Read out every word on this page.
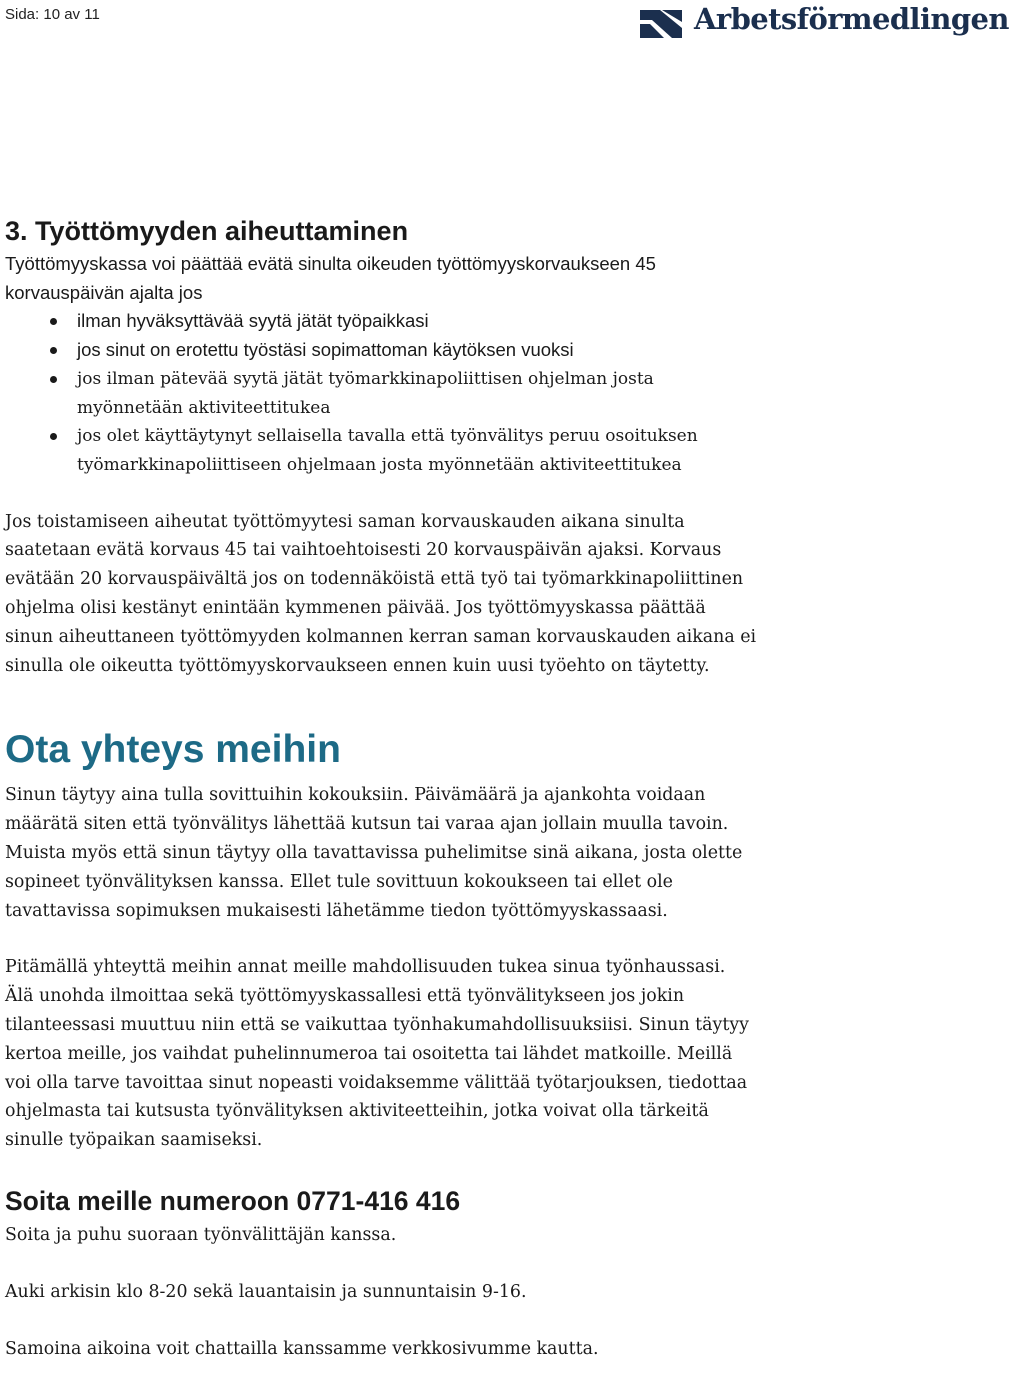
Sida: 10 av 11	Arbetsförmedlingen
3. Työttömyyden aiheuttaminen

Työttömyyskassa voi päättää evätä sinulta oikeuden työttömyyskorvaukseen 45

korvauspäivän ajalta jos

ilman hyväksyttävää syytä jätät työpaikkasi
jos sinut on erotettu työstäsi sopimattoman käytöksen vuoksi
jos ilman pätevää syytä jätät työmarkkinapoliittisen ohjelman josta
myönnetään aktiviteettitukea
jos olet käyttäytynyt sellaisella tavalla että työnvälitys peruu osoituksen
työmarkkinapoliittiseen ohjelmaan josta myönnetään aktiviteettitukea

Jos toistamiseen aiheutat työttömyytesi saman korvauskauden aikana sinulta

saatetaan evätä korvaus 45 tai vaihtoehtoisesti 20 korvauspäivän ajaksi. Korvaus

evätään 20 korvauspäivältä jos on todennäköistä että työ tai työmarkkinapoliittinen

ohjelma olisi kestänyt enintään kymmenen päivää. Jos työttömyyskassa päättää

sinun aiheuttaneen työttömyyden kolmannen kerran saman korvauskauden aikana ei

sinulla ole oikeutta työttömyyskorvaukseen ennen kuin uusi työehto on täytetty.

Ota yhteys meihin

Sinun täytyy aina tulla sovittuihin kokouksiin. Päivämäärä ja ajankohta voidaan

määrätä siten että työnvälitys lähettää kutsun tai varaa ajan jollain muulla tavoin.

Muista myös että sinun täytyy olla tavattavissa puhelimitse sinä aikana, josta olette

sopineet työnvälityksen kanssa. Ellet tule sovittuun kokoukseen tai ellet ole

tavattavissa sopimuksen mukaisesti lähetämme tiedon työttömyyskassaasi.

Pitämällä yhteyttä meihin annat meille mahdollisuuden tukea sinua työnhaussasi.

Älä unohda ilmoittaa sekä työttömyyskassallesi että työnvälitykseen jos jokin

tilanteessasi muuttuu niin että se vaikuttaa työnhakumahdollisuuksiisi. Sinun täytyy

kertoa meille, jos vaihdat puhelinnumeroa tai osoitetta tai lähdet matkoille. Meillä

voi olla tarve tavoittaa sinut nopeasti voidaksemme välittää työtarjouksen, tiedottaa

ohjelmasta tai kutsusta työnvälityksen aktiviteetteihin, jotka voivat olla tärkeitä

sinulle työpaikan saamiseksi.

Soita meille numeroon 0771-416 416

Soita ja puhu suoraan työnvälittäjän kanssa.

Auki arkisin klo 8-20 sekä lauantaisin ja sunnuntaisin 9-16.

Samoina aikoina voit chattailla kanssamme verkkosivumme kautta.
